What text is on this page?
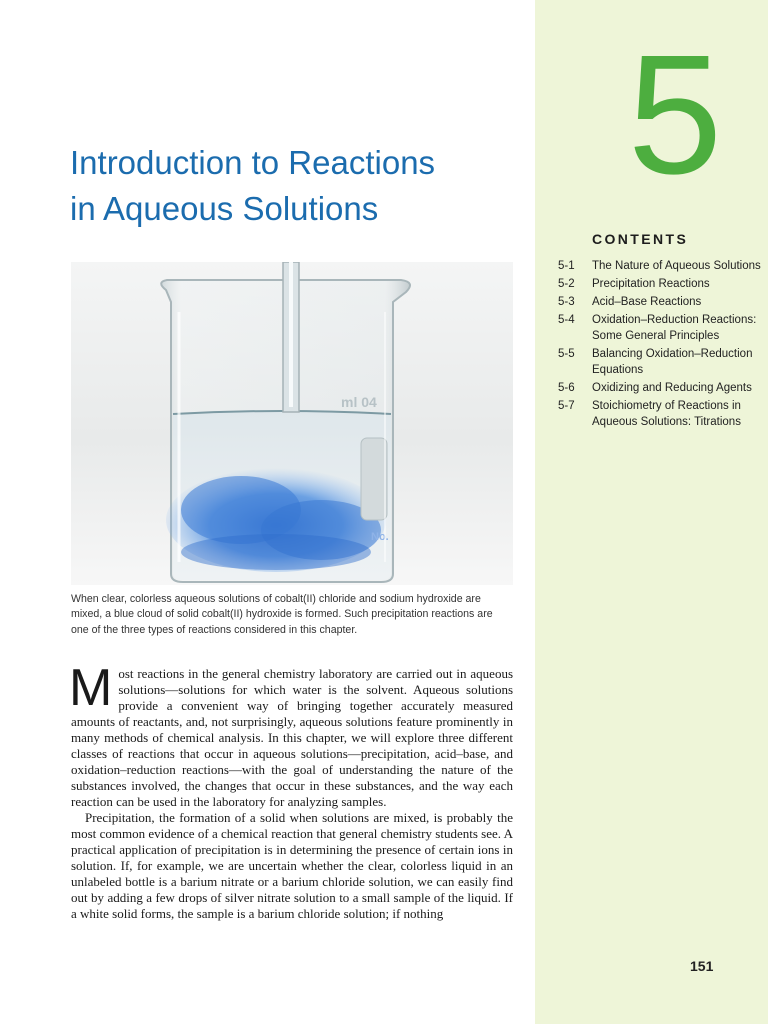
5
CONTENTS
5-1	The Nature of Aqueous Solutions
5-2	Precipitation Reactions
5-3	Acid–Base Reactions
5-4	Oxidation–Reduction Reactions: Some General Principles
5-5	Balancing Oxidation–Reduction Equations
5-6	Oxidizing and Reducing Agents
5-7	Stoichiometry of Reactions in Aqueous Solutions: Titrations
Introduction to Reactions
in Aqueous Solutions
ml 04
No.
When clear, colorless aqueous solutions of cobalt(II) chloride and sodium hydroxide are mixed, a blue cloud of solid cobalt(II) hydroxide is formed. Such precipitation reactions are one of the three types of reactions considered in this chapter.

Most reactions in the general chemistry laboratory are carried out in aqueous solutions—solutions for which water is the solvent. Aqueous solutions provide a convenient way of bringing together accurately measured amounts of reactants, and, not surprisingly, aqueous solutions feature prominently in many methods of chemical analysis. In this chapter, we will explore three different classes of reactions that occur in aqueous solutions—precipitation, acid–base, and oxidation–reduction reactions—with the goal of understanding the nature of the substances involved, the changes that occur in these substances, and the way each reaction can be used in the laboratory for analyzing samples.

Precipitation, the formation of a solid when solutions are mixed, is probably the most common evidence of a chemical reaction that general chemistry students see. A practical application of precipitation is in determining the presence of certain ions in solution. If, for example, we are uncertain whether the clear, colorless liquid in an unlabeled bottle is a barium nitrate or a barium chloride solution, we can easily find out by adding a few drops of silver nitrate solution to a small sample of the liquid. If a white solid forms, the sample is a barium chloride solution; if nothing

151
